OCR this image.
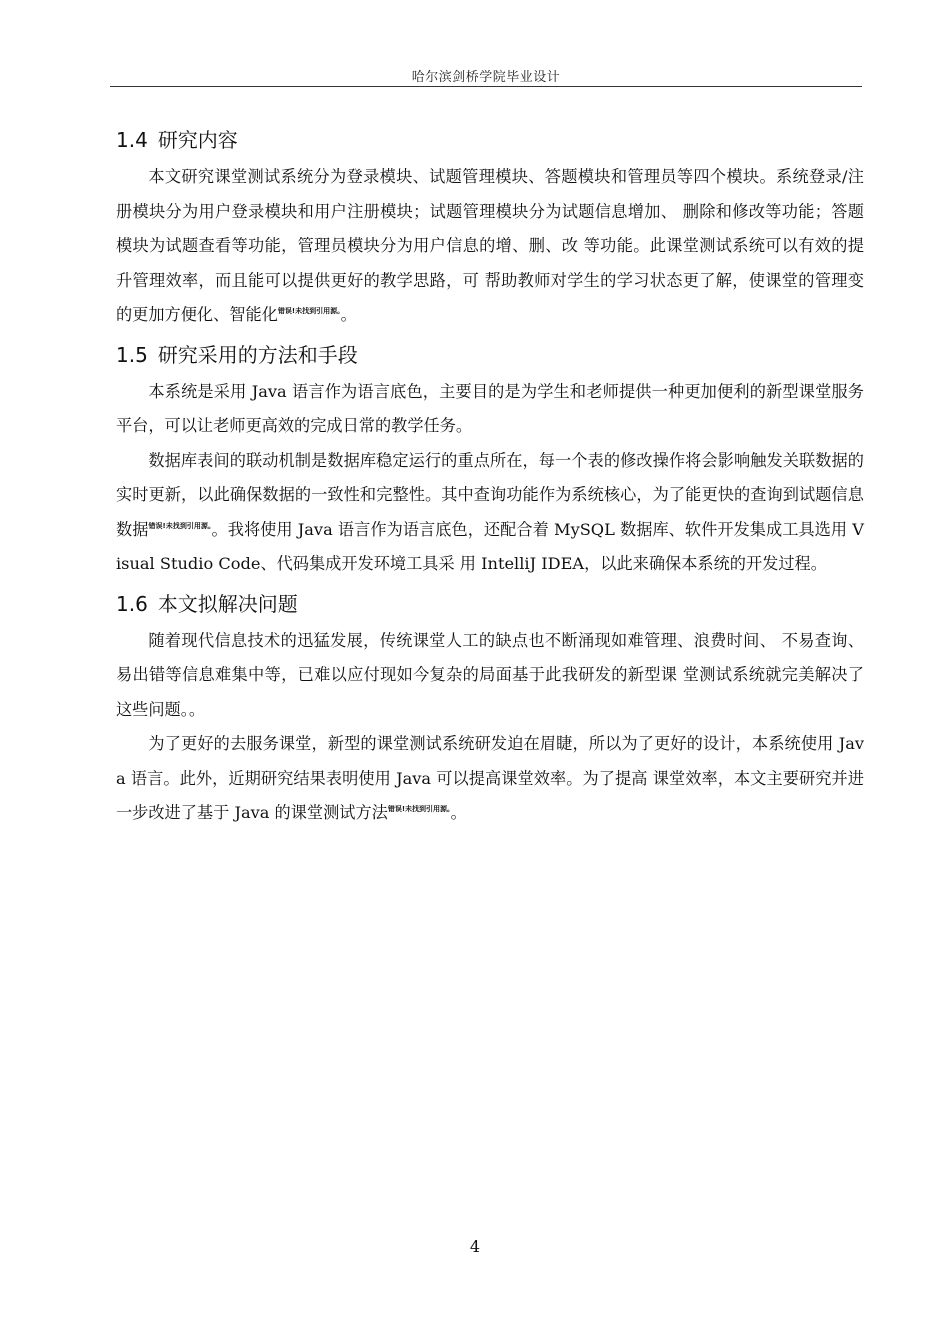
哈尔滨剑桥学院毕业设计
1.4 研究内容

本文研究课堂测试系统分为登录模块、试题管理模块、答题模块和管理员等四个模块。系统登录/注册模块分为用户登录模块和用户注册模块；试题管理模块分为试题信息增加、 删除和修改等功能；答题模块为试题查看等功能，管理员模块分为用户信息的增、删、改 等功能。此课堂测试系统可以有效的提升管理效率，而且能可以提供更好的教学思路，可 帮助教师对学生的学习状态更了解，使课堂的管理变的更加方便化、智能化$^{错误!未找到引用源。}$。

1.5 研究采用的方法和手段

本系统是采用 Java 语言作为语言底色，主要目的是为学生和老师提供一种更加便利的新型课堂服务平台，可以让老师更高效的完成日常的教学任务。

数据库表间的联动机制是数据库稳定运行的重点所在，每一个表的修改操作将会影响触发关联数据的实时更新，以此确保数据的一致性和完整性。其中查询功能作为系统核心，为了能更快的查询到试题信息数据$^{错误!未找到引用源。}$。我将使用 Java 语言作为语言底色，还配合着 MySQL 数据库、软件开发集成工具选用 Visual Studio Code、代码集成开发环境工具采 用 IntelliJ IDEA，以此来确保本系统的开发过程。

1.6 本文拟解决问题

随着现代信息技术的迅猛发展，传统课堂人工的缺点也不断涌现如难管理、浪费时间、 不易查询、易出错等信息难集中等，已难以应付现如今复杂的局面基于此我研发的新型课 堂测试系统就完美解决了这些问题。。

为了更好的去服务课堂，新型的课堂测试系统研发迫在眉睫，所以为了更好的设计，本系统使用 Java 语言。此外，近期研究结果表明使用 Java 可以提高课堂效率。为了提高 课堂效率，本文主要研究并进一步改进了基于 Java 的课堂测试方法$^{错误!未找到引用源。}$。

4
